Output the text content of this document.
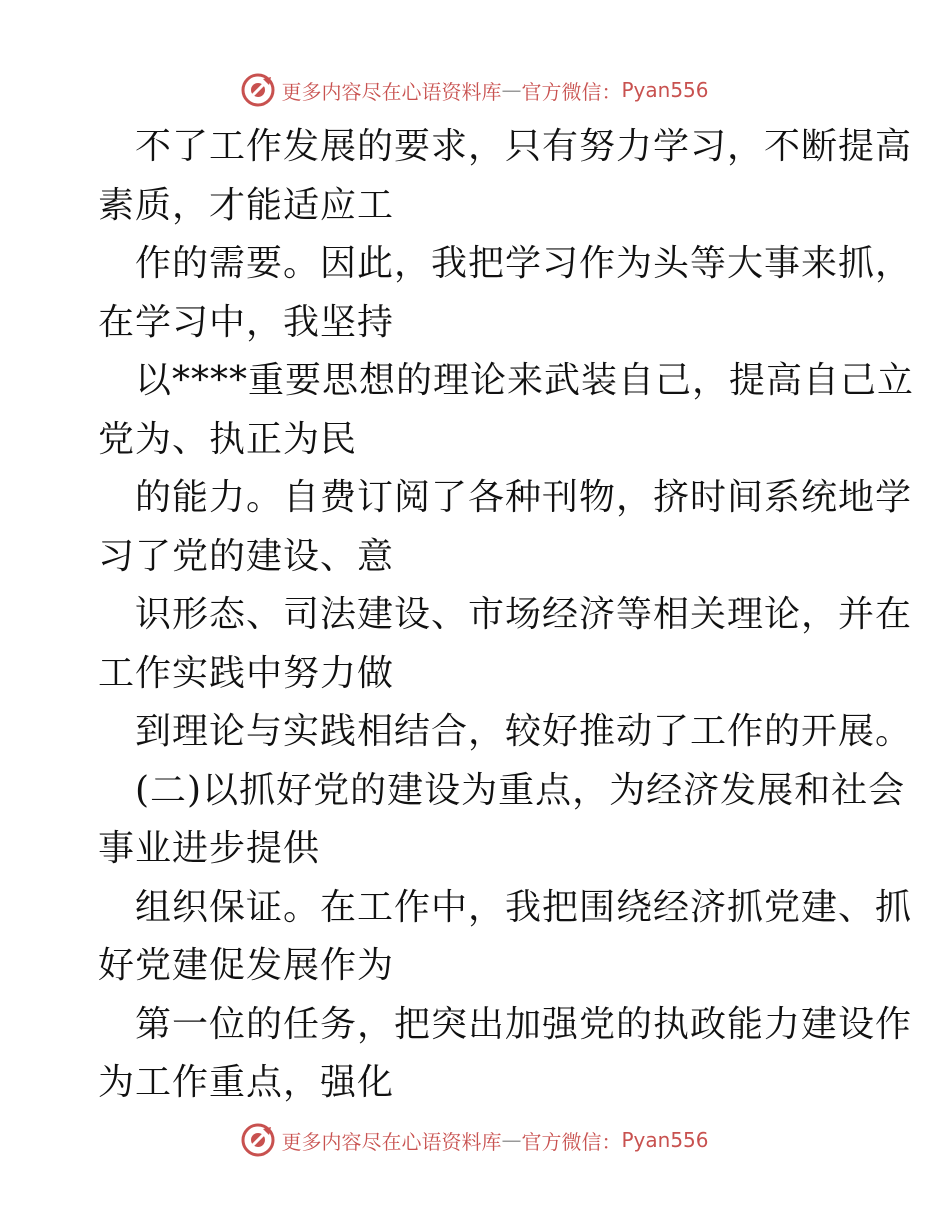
更多内容尽在心语资料库 — 官方微信： Pyan556
不了工作发展的要求，只有努力学习，不断提高
素质，才能适应工
作的需要。因此，我把学习作为头等大事来抓，
在学习中，我坚持
以****重要思想的理论来武装自己，提高自己立
党为、执正为民
的能力。自费订阅了各种刊物，挤时间系统地学
习了党的建设、意
识形态、司法建设、市场经济等相关理论，并在
工作实践中努力做
到理论与实践相结合，较好推动了工作的开展。
(二)以抓好党的建设为重点，为经济发展和社会
事业进步提供
组织保证。在工作中，我把围绕经济抓党建、抓
好党建促发展作为
第一位的任务，把突出加强党的执政能力建设作
为工作重点，强化
更多内容尽在心语资料库 — 官方微信： Pyan556
